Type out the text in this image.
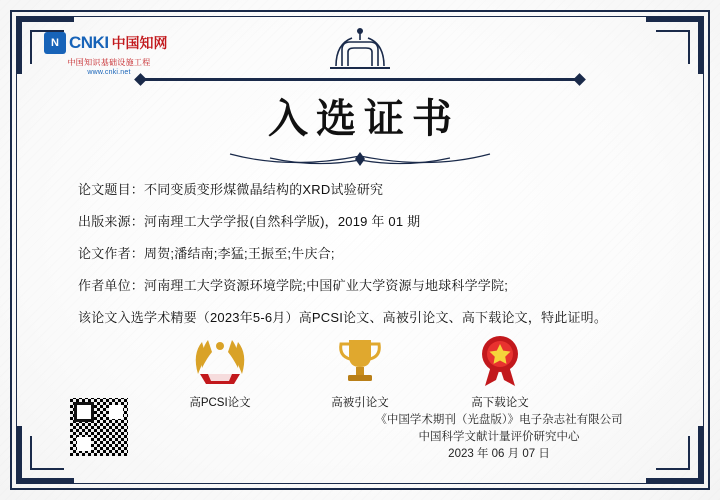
N CNKI 中国知网
中国知识基础设施工程
www.cnki.net
入选证书
论文题目：不同变质变形煤微晶结构的XRD试验研究
出版来源：河南理工大学学报(自然科学版)，2019 年 01 期
论文作者：周贺;潘结南;李猛;王振至;牛庆合;
作者单位：河南理工大学资源环境学院;中国矿业大学资源与地球科学学院;
该论文入选学术精要（2023年5-6月）高PCSI论文、高被引论文、高下载论文，特此证明。
高PCSI论文	高被引论文	高下载论文
《中国学术期刊（光盘版）》电子杂志社有限公司
中国科学文献计量评价研究中心
2023 年 06 月 07 日
